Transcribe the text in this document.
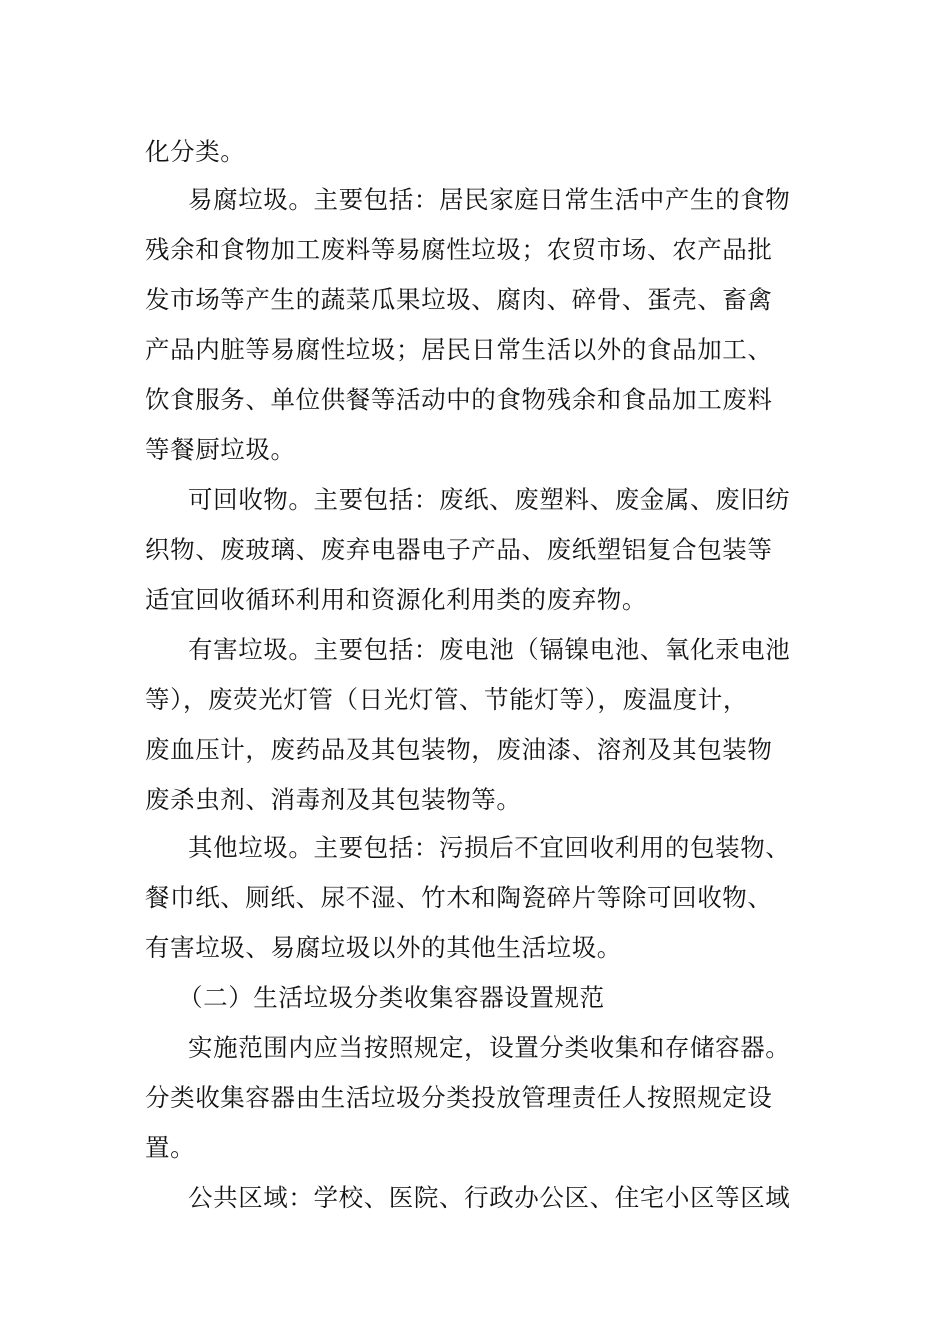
化分类。
易腐垃圾。主要包括：居民家庭日常生活中产生的食物
残余和食物加工废料等易腐性垃圾；农贸市场、农产品批
发市场等产生的蔬菜瓜果垃圾、腐肉、碎骨、蛋壳、畜禽
产品内脏等易腐性垃圾；居民日常生活以外的食品加工、
饮食服务、单位供餐等活动中的食物残余和食品加工废料
等餐厨垃圾。
可回收物。主要包括：废纸、废塑料、废金属、废旧纺
织物、废玻璃、废弃电器电子产品、废纸塑铝复合包装等
适宜回收循环利用和资源化利用类的废弃物。
有害垃圾。主要包括：废电池（镉镍电池、氧化汞电池
等），废荧光灯管（日光灯管、节能灯等），废温度计，
废血压计，废药品及其包装物，废油漆、溶剂及其包装物
废杀虫剂、消毒剂及其包装物等。
其他垃圾。主要包括：污损后不宜回收利用的包装物、
餐巾纸、厕纸、尿不湿、竹木和陶瓷碎片等除可回收物、
有害垃圾、易腐垃圾以外的其他生活垃圾。
（二）生活垃圾分类收集容器设置规范
实施范围内应当按照规定，设置分类收集和存储容器。
分类收集容器由生活垃圾分类投放管理责任人按照规定设
置。
公共区域：学校、医院、行政办公区、住宅小区等区域
